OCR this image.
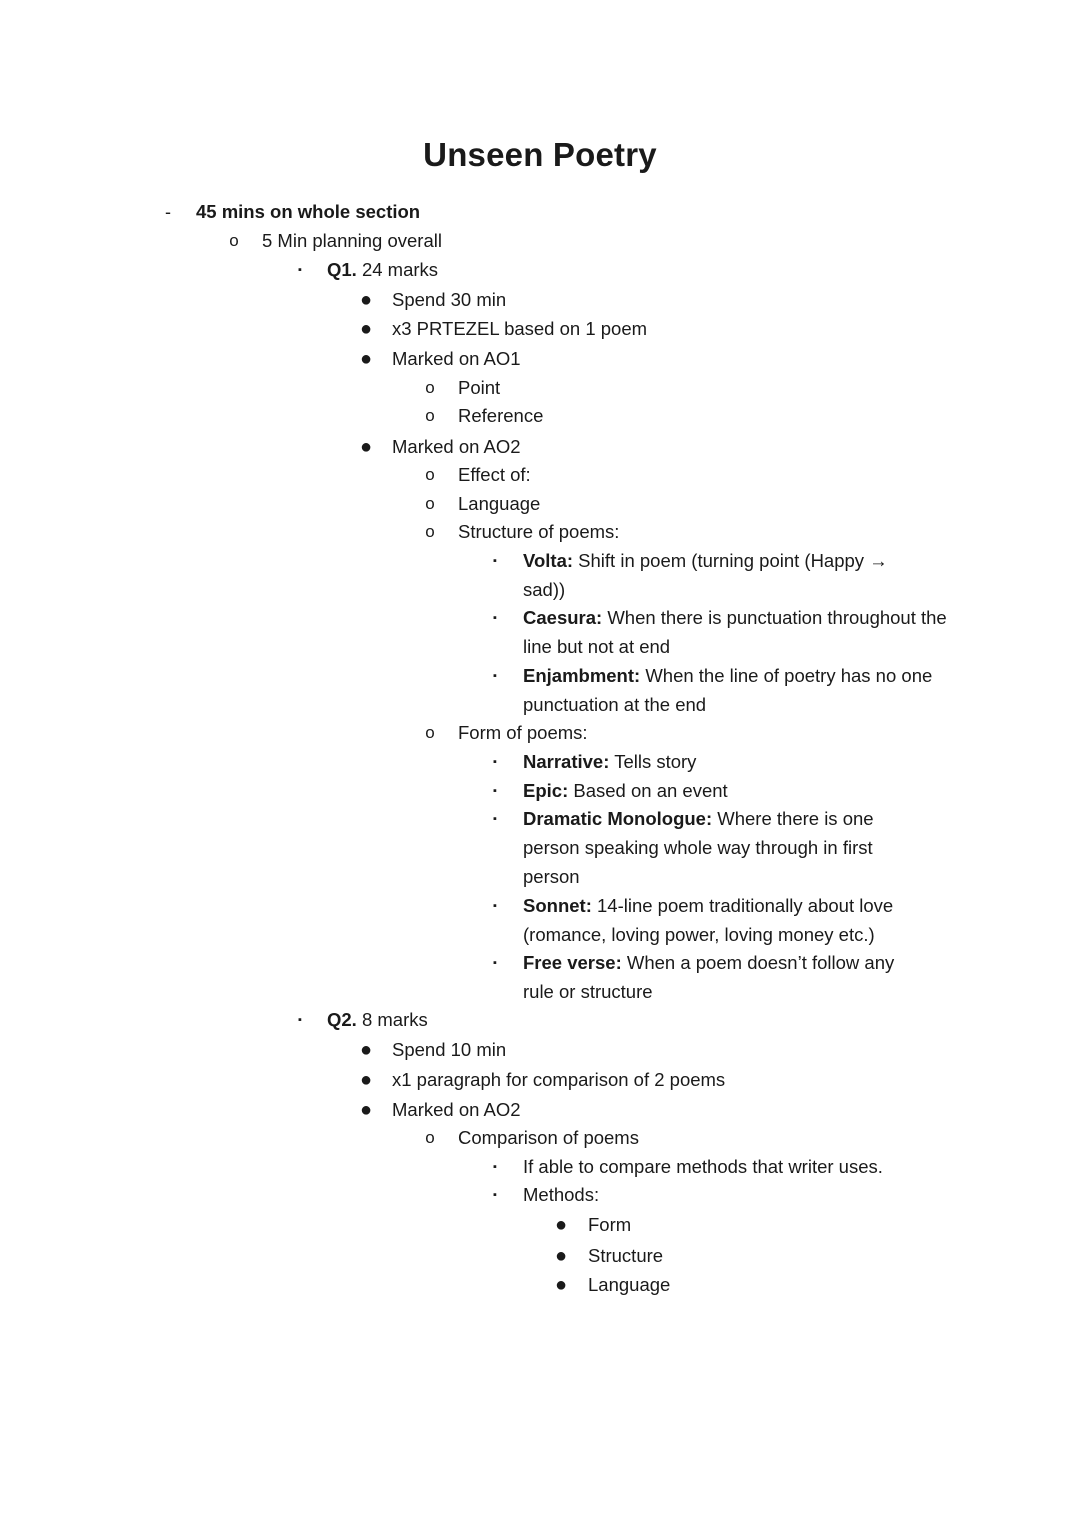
Unseen Poetry
-	45 mins on whole section
o 5 Min planning overall
▪	Q1. 24 marks
● Spend 30 min
● x3 PRTEZEL based on 1 poem
● Marked on AO1
o Point
o Reference
● Marked on AO2
o Effect of:
o Language
o Structure of poems:
▪	Volta: Shift in poem (turning point (Happy → sad))
▪	Caesura: When there is punctuation throughout the line but not at end
▪	Enjambment: When the line of poetry has no one punctuation at the end
o Form of poems:
▪	Narrative: Tells story
▪	Epic: Based on an event
▪	Dramatic Monologue: Where there is one person speaking whole way through in first person
▪	Sonnet: 14-line poem traditionally about love (romance, loving power, loving money etc.)
▪	Free verse: When a poem doesn’t follow any rule or structure
▪	Q2. 8 marks
● Spend 10 min
● x1 paragraph for comparison of 2 poems
● Marked on AO2
o Comparison of poems
▪	If able to compare methods that writer uses.
▪	Methods:
● Form
● Structure
● Language
